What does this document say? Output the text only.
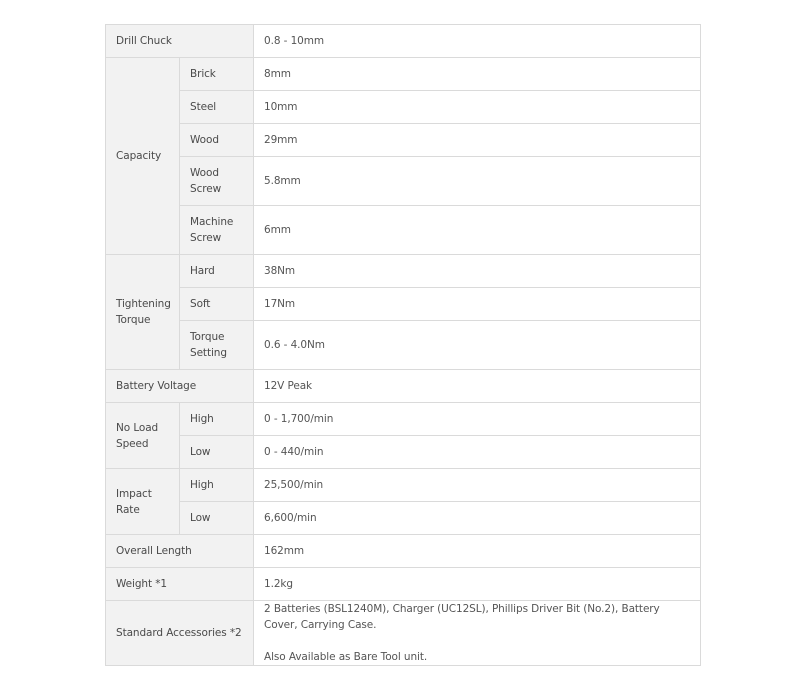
Drill Chuck		0.8 - 10mm
Capacity	Brick	8mm
	Steel	10mm
	Wood	29mm
	Wood Screw	5.8mm
	Machine Screw	6mm
Tightening Torque	Hard	38Nm
	Soft	17Nm
	Torque Setting	0.6 - 4.0Nm
Battery Voltage		12V Peak
No Load Speed	High	0 - 1,700/min
	Low	0 - 440/min
Impact Rate	High	25,500/min
	Low	6,600/min
Overall Length		162mm
Weight *1		1.2kg
Standard Accessories *2		2 Batteries (BSL1240M), Charger (UC12SL), Phillips Driver Bit (No.2), Battery Cover, Carrying Case.
Also Available as Bare Tool unit.
